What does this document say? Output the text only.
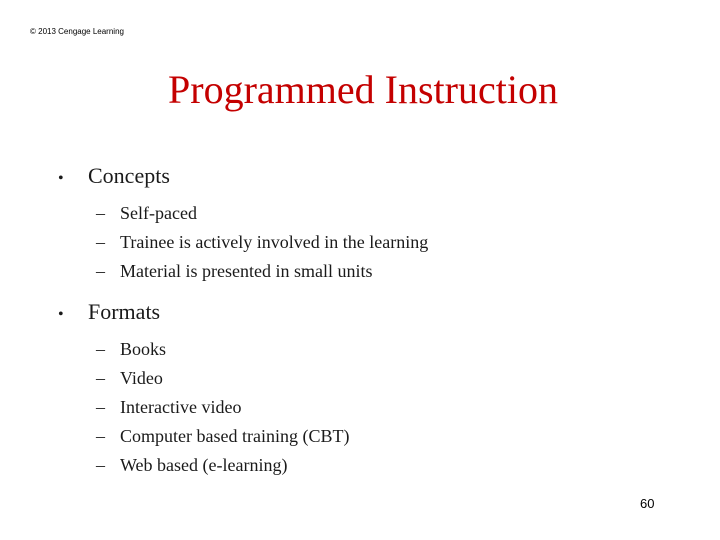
© 2013 Cengage Learning
Programmed Instruction
•	Concepts
– Self-paced
– Trainee is actively involved in the learning
– Material is presented in small units
•	Formats
– Books
– Video
– Interactive video
– Computer based training (CBT)
– Web based (e-learning)
60
